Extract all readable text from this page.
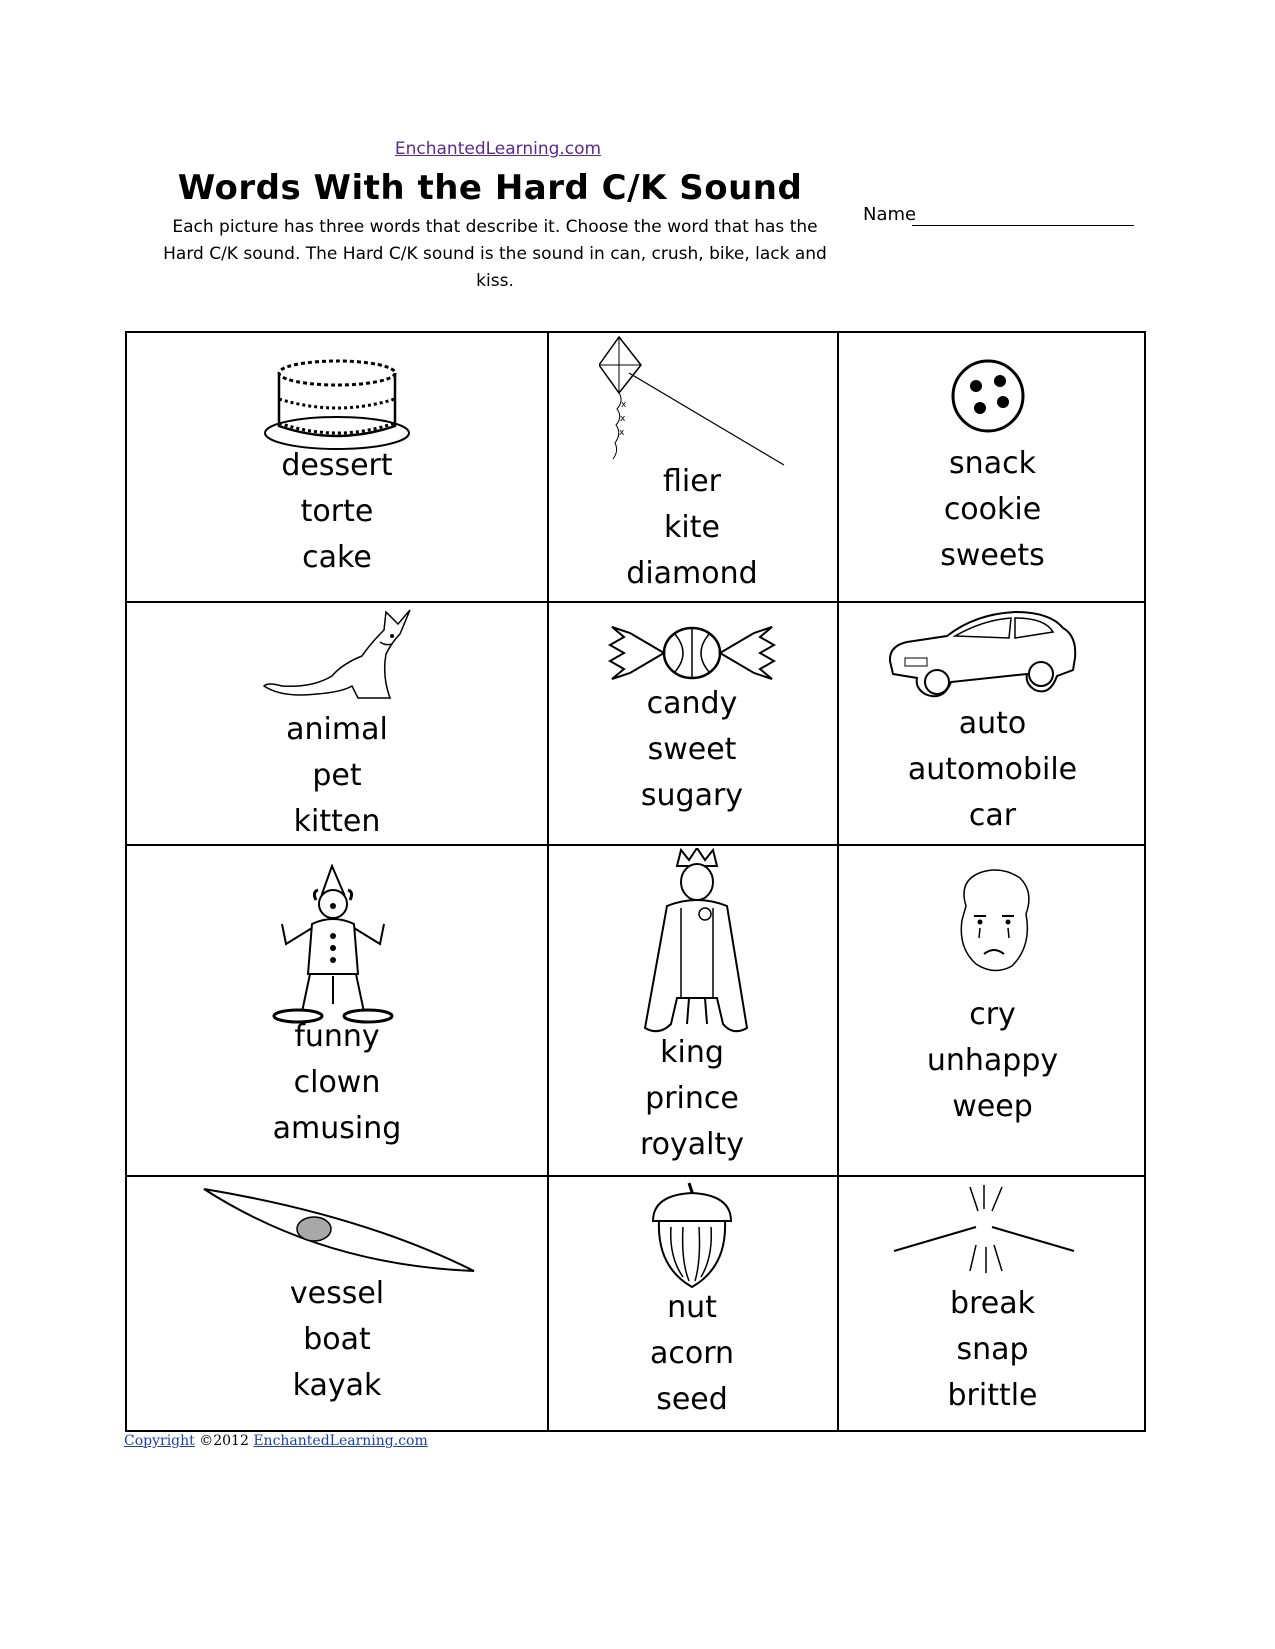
EnchantedLearning.com
Words With the Hard C/K Sound
Each picture has three words that describe it. Choose the word that has the Hard C/K sound. The Hard C/K sound is the sound in can, crush, bike, lack and kiss.
Name
dessert
torte
cake
x
x
x
flier
kite
diamond
snack
cookie
sweets
animal
pet
kitten
candy
sweet
sugary
auto
automobile
car
funny
clown
amusing
king
prince
royalty
cry
unhappy
weep
vessel
boat
kayak
nut
acorn
seed
break
snap
brittle
Copyright ©2012 EnchantedLearning.com
